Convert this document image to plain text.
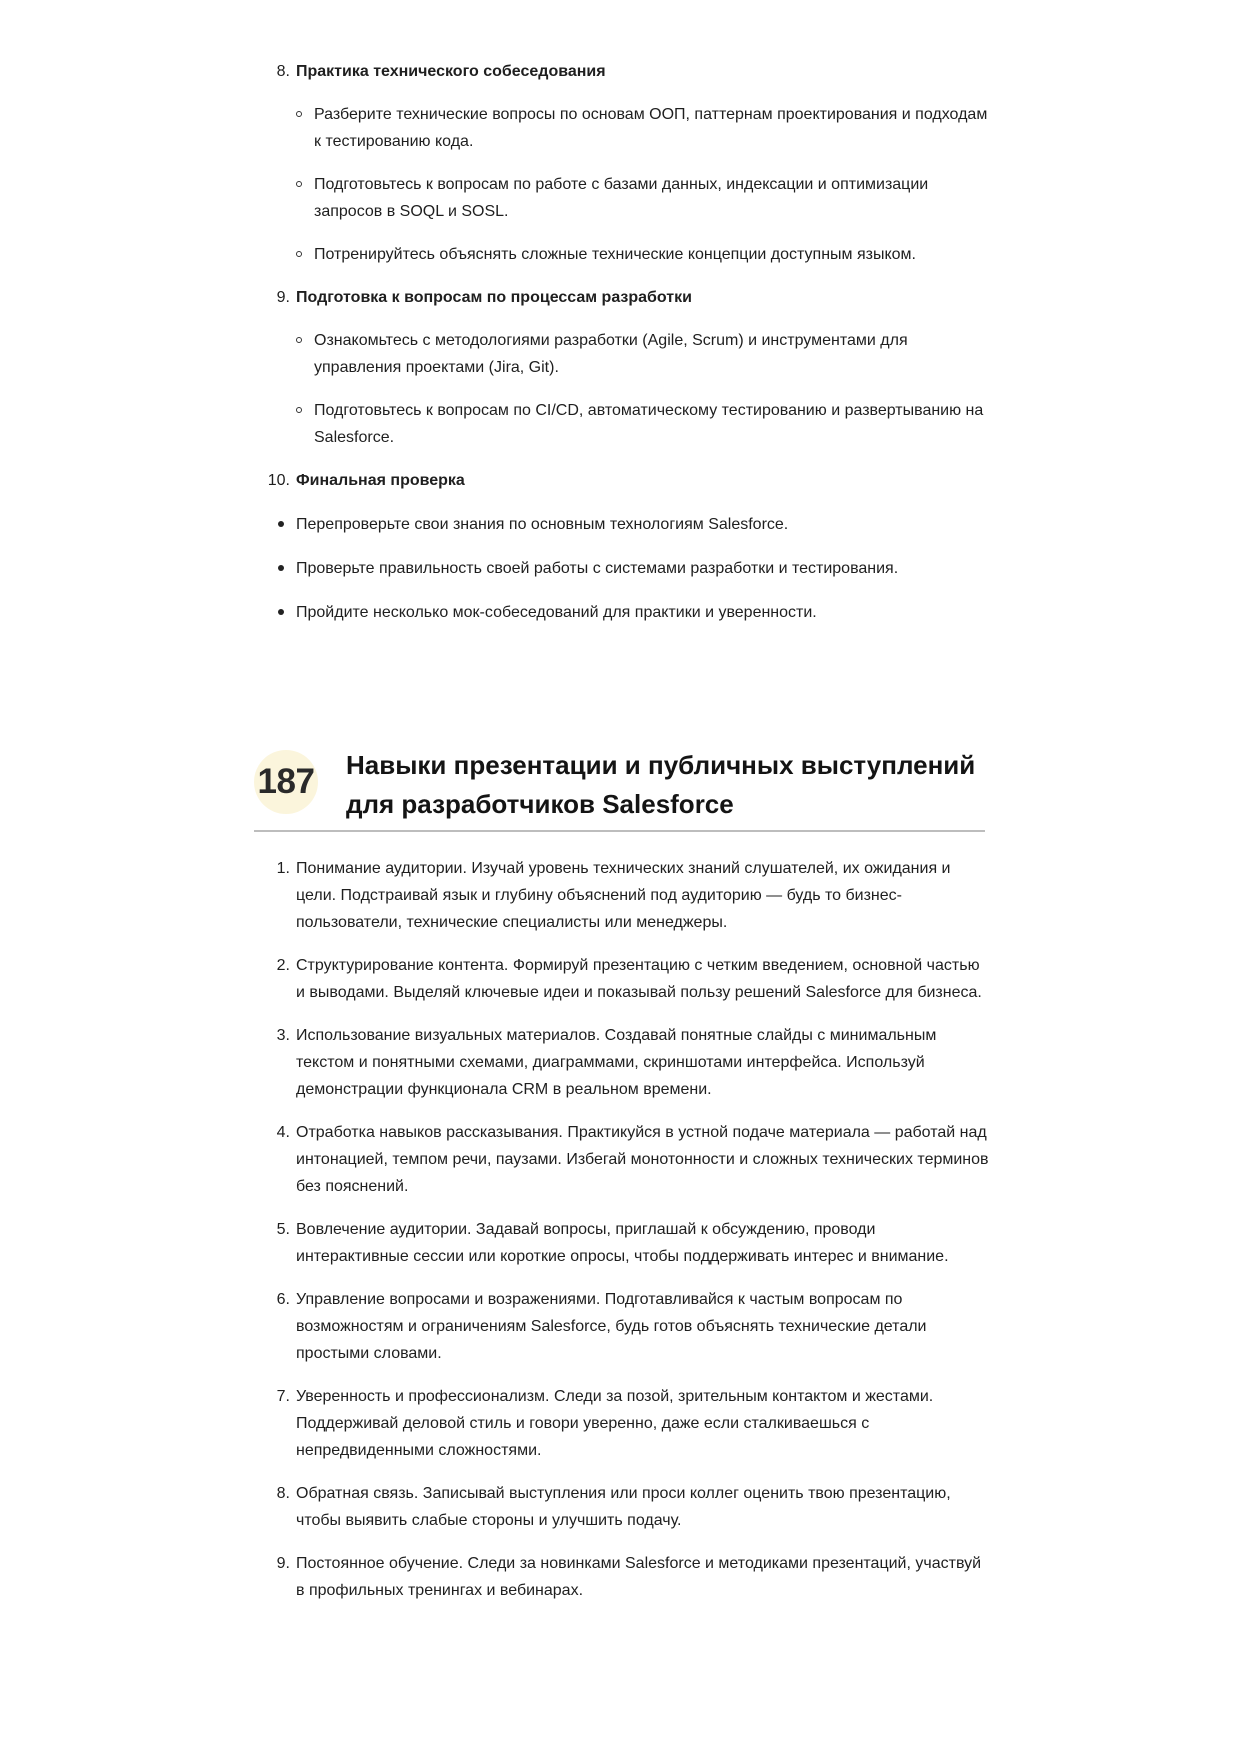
8. Практика технического собеседования
Разберите технические вопросы по основам ООП, паттернам проектирования и подходам к тестированию кода.
Подготовьтесь к вопросам по работе с базами данных, индексации и оптимизации запросов в SOQL и SOSL.
Потренируйтесь объяснять сложные технические концепции доступным языком.
9. Подготовка к вопросам по процессам разработки
Ознакомьтесь с методологиями разработки (Agile, Scrum) и инструментами для управления проектами (Jira, Git).
Подготовьтесь к вопросам по CI/CD, автоматическому тестированию и развертыванию на Salesforce.
10. Финальная проверка
Перепроверьте свои знания по основным технологиям Salesforce.
Проверьте правильность своей работы с системами разработки и тестирования.
Пройдите несколько мок-собеседований для практики и уверенности.
187 Навыки презентации и публичных выступлений для разработчиков Salesforce
1. Понимание аудитории. Изучай уровень технических знаний слушателей, их ожидания и цели. Подстраивай язык и глубину объяснений под аудиторию — будь то бизнес-пользователи, технические специалисты или менеджеры.
2. Структурирование контента. Формируй презентацию с четким введением, основной частью и выводами. Выделяй ключевые идеи и показывай пользу решений Salesforce для бизнеса.
3. Использование визуальных материалов. Создавай понятные слайды с минимальным текстом и понятными схемами, диаграммами, скриншотами интерфейса. Используй демонстрации функционала CRM в реальном времени.
4. Отработка навыков рассказывания. Практикуйся в устной подаче материала — работай над интонацией, темпом речи, паузами. Избегай монотонности и сложных технических терминов без пояснений.
5. Вовлечение аудитории. Задавай вопросы, приглашай к обсуждению, проводи интерактивные сессии или короткие опросы, чтобы поддерживать интерес и внимание.
6. Управление вопросами и возражениями. Подготавливайся к частым вопросам по возможностям и ограничениям Salesforce, будь готов объяснять технические детали простыми словами.
7. Уверенность и профессионализм. Следи за позой, зрительным контактом и жестами. Поддерживай деловой стиль и говори уверенно, даже если сталкиваешься с непредвиденными сложностями.
8. Обратная связь. Записывай выступления или проси коллег оценить твою презентацию, чтобы выявить слабые стороны и улучшить подачу.
9. Постоянное обучение. Следи за новинками Salesforce и методиками презентаций, участвуй в профильных тренингах и вебинарах.
